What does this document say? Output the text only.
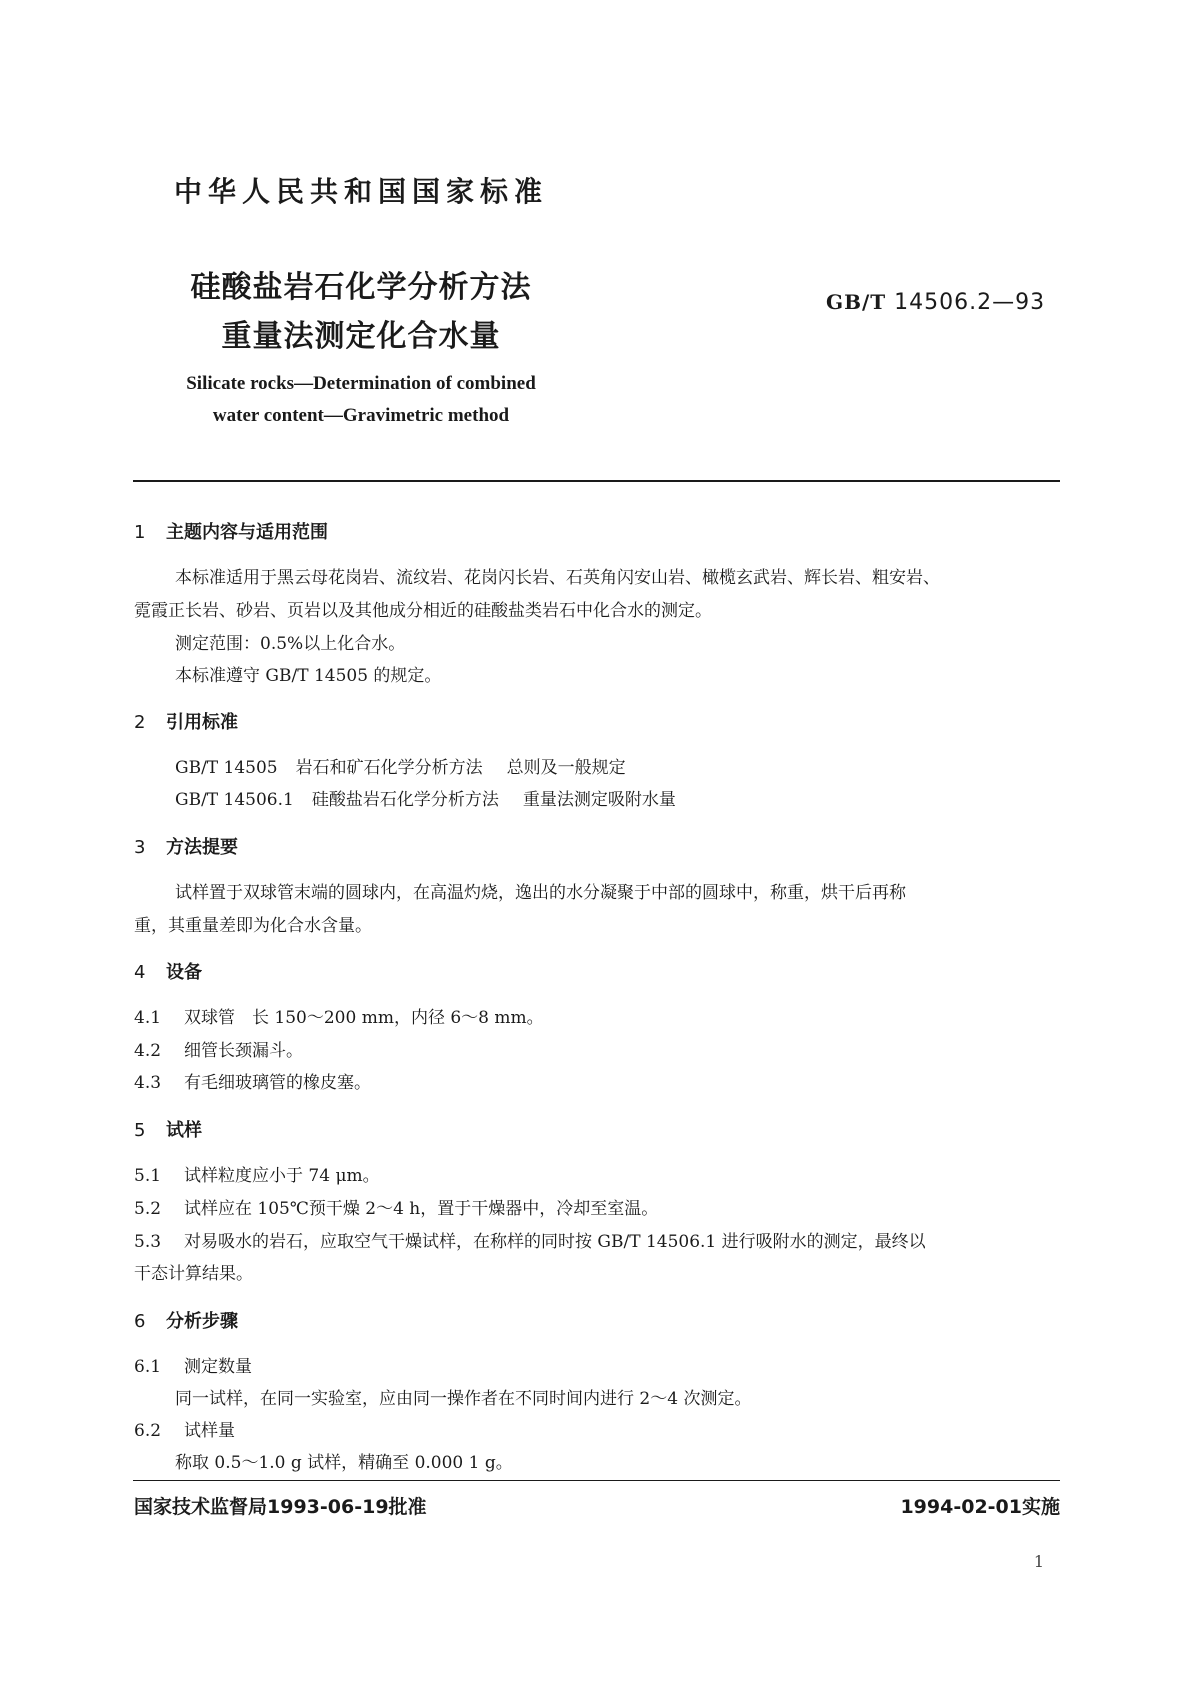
中华人民共和国国家标准
硅酸盐岩石化学分析方法
重量法测定化合水量
GB/T 14506.2—93
Silicate rocks—Determination of combined
water content—Gravimetric method
1 主题内容与适用范围
本标准适用于黑云母花岗岩、流纹岩、花岗闪长岩、石英角闪安山岩、橄榄玄武岩、辉长岩、粗安岩、
霓霞正长岩、砂岩、页岩以及其他成分相近的硅酸盐类岩石中化合水的测定。
测定范围：0.5%以上化合水。
本标准遵守 GB/T 14505 的规定。
2 引用标准
GB/T 14505 岩石和矿石化学分析方法 总则及一般规定
GB/T 14506.1 硅酸盐岩石化学分析方法 重量法测定吸附水量
3 方法提要
试样置于双球管末端的圆球内，在高温灼烧，逸出的水分凝聚于中部的圆球中，称重，烘干后再称
重，其重量差即为化合水含量。
4 设备
4.1 双球管　长 150～200 mm，内径 6～8 mm。
4.2 细管长颈漏斗。
4.3 有毛细玻璃管的橡皮塞。
5 试样
5.1 试样粒度应小于 74 μm。
5.2 试样应在 105℃预干燥 2～4 h，置于干燥器中，冷却至室温。
5.3 对易吸水的岩石，应取空气干燥试样，在称样的同时按 GB/T 14506.1 进行吸附水的测定，最终以
干态计算结果。
6 分析步骤
6.1 测定数量
同一试样，在同一实验室，应由同一操作者在不同时间内进行 2～4 次测定。
6.2 试样量
称取 0.5～1.0 g 试样，精确至 0.000 1 g。
国家技术监督局1993-06-19批准	1994-02-01实施
1
